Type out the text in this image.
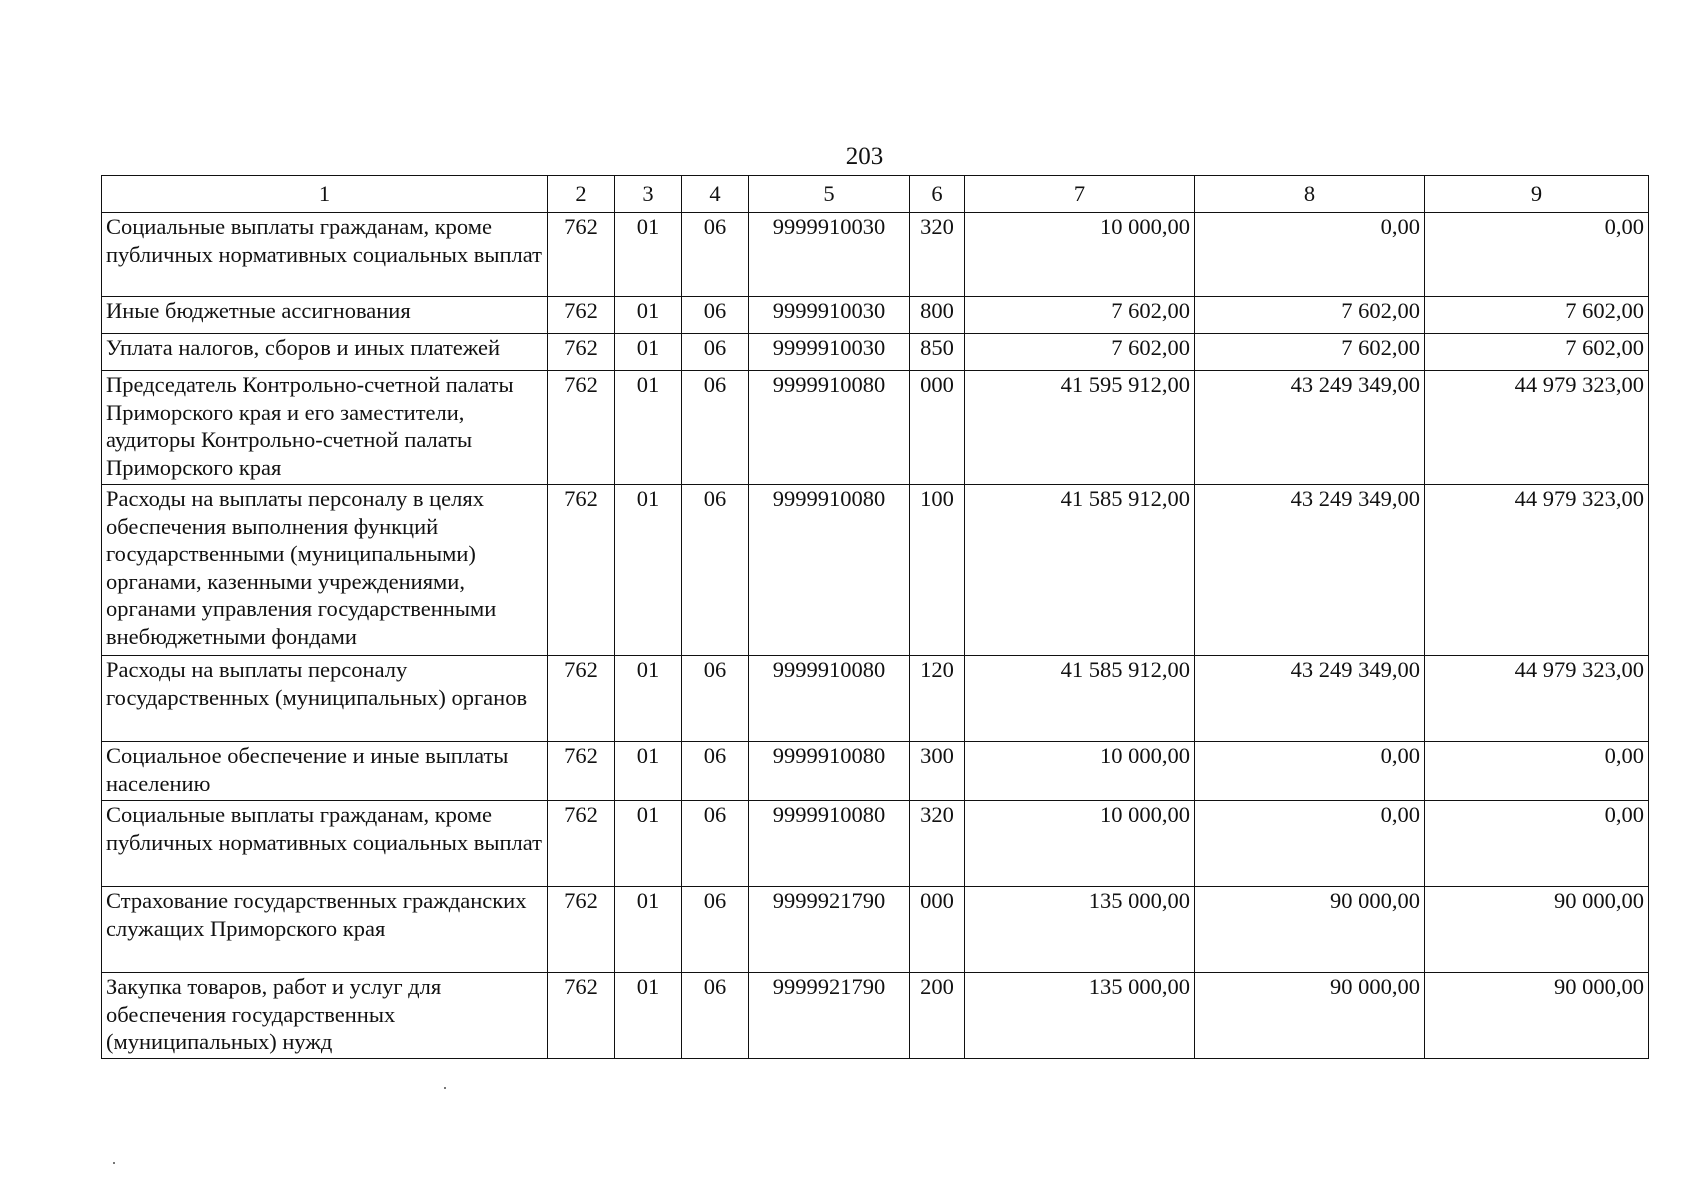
203
1	2	3	4	5	6	7	8	9
Социальные выплаты гражданам, кроме публичных нормативных социальных выплат	762	01	06	9999910030	320	10 000,00	0,00	0,00
Иные бюджетные ассигнования	762	01	06	9999910030	800	7 602,00	7 602,00	7 602,00
Уплата налогов, сборов и иных платежей	762	01	06	9999910030	850	7 602,00	7 602,00	7 602,00
Председатель Контрольно-счетной палаты Приморского края и его заместители, аудиторы Контрольно-счетной палаты Приморского края	762	01	06	9999910080	000	41 595 912,00	43 249 349,00	44 979 323,00
Расходы на выплаты персоналу в целях обеспечения выполнения функций государственными (муниципальными) органами, казенными учреждениями, органами управления государственными внебюджетными фондами	762	01	06	9999910080	100	41 585 912,00	43 249 349,00	44 979 323,00
Расходы на выплаты персоналу государственных (муниципальных) органов	762	01	06	9999910080	120	41 585 912,00	43 249 349,00	44 979 323,00
Социальное обеспечение и иные выплаты населению	762	01	06	9999910080	300	10 000,00	0,00	0,00
Социальные выплаты гражданам, кроме публичных нормативных социальных выплат	762	01	06	9999910080	320	10 000,00	0,00	0,00
Страхование государственных гражданских служащих Приморского края	762	01	06	9999921790	000	135 000,00	90 000,00	90 000,00
Закупка товаров, работ и услуг для обеспечения государственных (муниципальных) нужд	762	01	06	9999921790	200	135 000,00	90 000,00	90 000,00
